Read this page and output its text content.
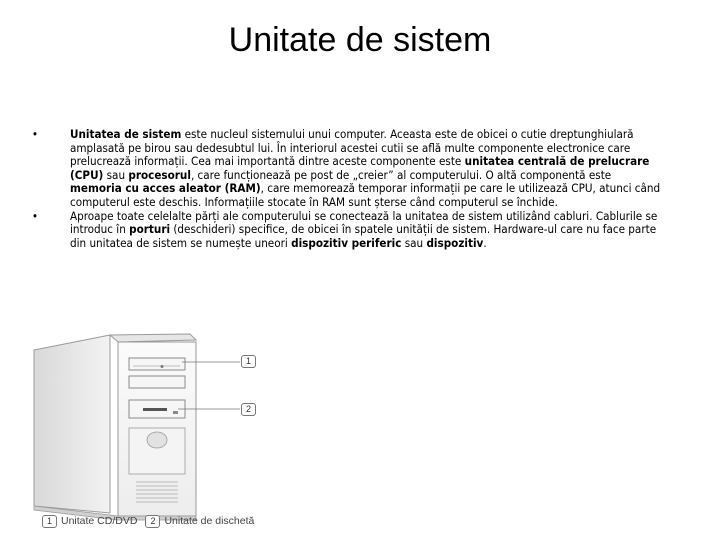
Unitate de sistem
•	Unitatea de sistem este nucleul sistemului unui computer. Aceasta este de obicei o cutie dreptunghiulară amplasată pe birou sau dedesubtul lui. În interiorul acestei cutii se află multe componente electronice care prelucrează informații. Cea mai importantă dintre aceste componente este unitatea centrală de prelucrare (CPU) sau procesorul, care funcționează pe post de „creier” al computerului. O altă componentă este memoria cu acces aleator (RAM), care memorează temporar informații pe care le utilizează CPU, atunci când computerul este deschis. Informațiile stocate în RAM sunt șterse când computerul se închide.
•	Aproape toate celelalte părți ale computerului se conectează la unitatea de sistem utilizând cabluri. Cablurile se introduc în porturi (deschideri) specifice, de obicei în spatele unității de sistem. Hardware-ul care nu face parte din unitatea de sistem se numește uneori dispozitiv periferic sau dispozitiv.
1
2
1 Unitate CD/DVD	2 Unitate de dischetă
